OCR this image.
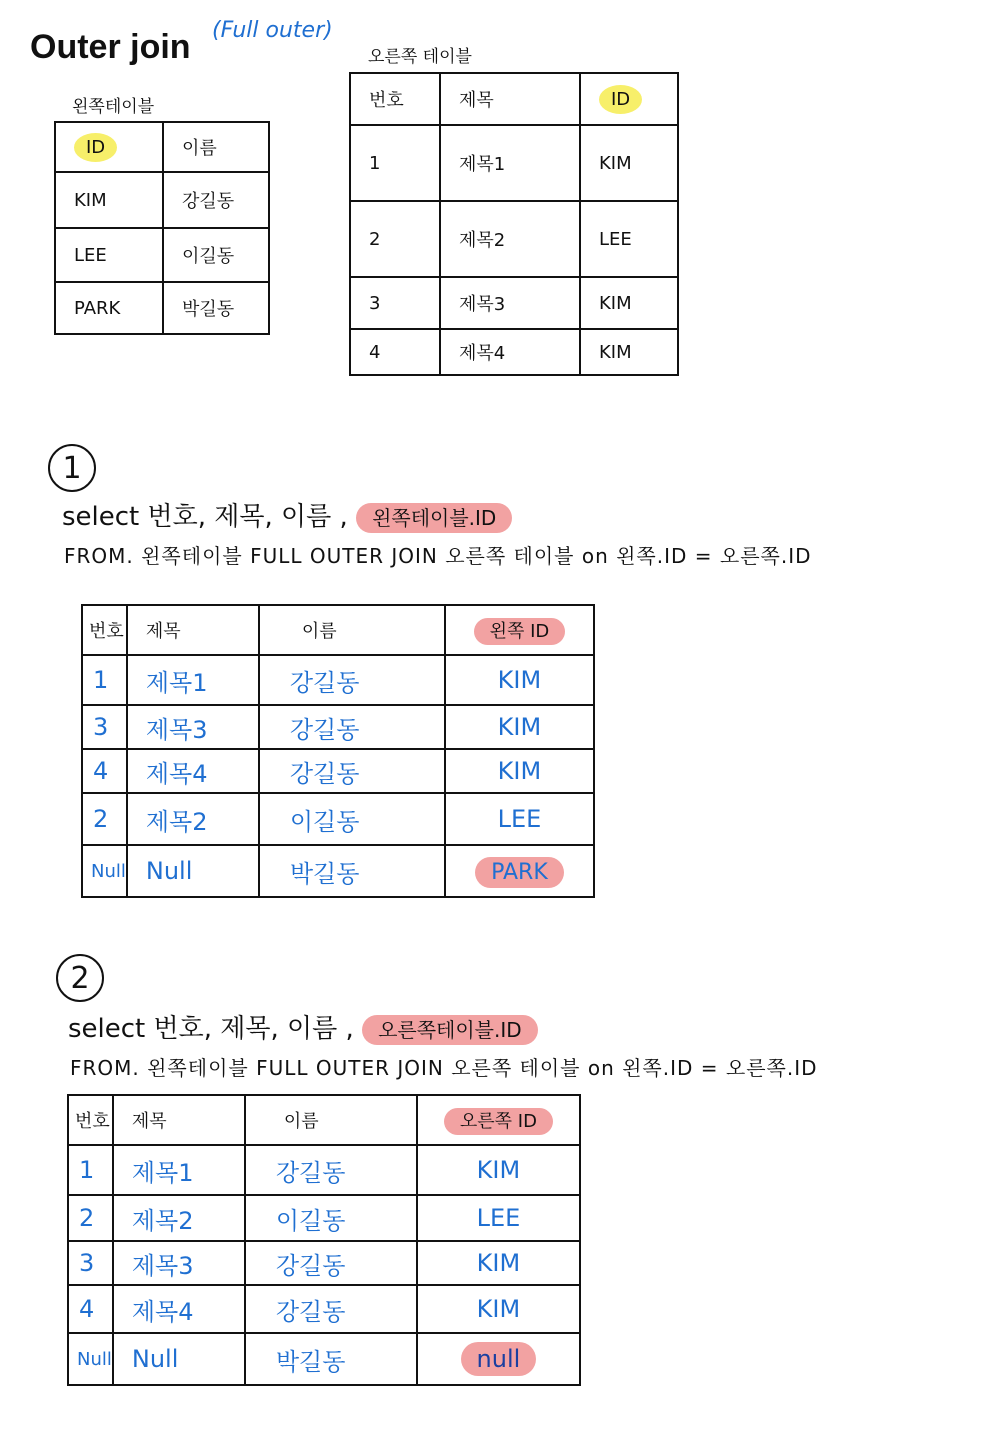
Outer join (Full outer)
왼쪽테이블
ID	이름
KIM	강길동
LEE	이길동
PARK	박길동
오른쪽 테이블
번호	제목	ID
1	제목1	KIM
2	제목2	LEE
3	제목3	KIM
4	제목4	KIM
1
select 번호, 제목, 이름 , 왼쪽테이블.ID
FROM. 왼쪽테이블 FULL OUTER JOIN 오른쪽 테이블 on 왼쪽.ID = 오른쪽.ID
번호	제목	이름	왼쪽 ID
1	제목1	강길동	KIM
3	제목3	강길동	KIM
4	제목4	강길동	KIM
2	제목2	이길동	LEE
Null	Null	박길동	PARK
2
select 번호, 제목, 이름 , 오른쪽테이블.ID
FROM. 왼쪽테이블 FULL OUTER JOIN 오른쪽 테이블 on 왼쪽.ID = 오른쪽.ID
번호	제목	이름	오른쪽 ID
1	제목1	강길동	KIM
2	제목2	이길동	LEE
3	제목3	강길동	KIM
4	제목4	강길동	KIM
Null	Null	박길동	null
